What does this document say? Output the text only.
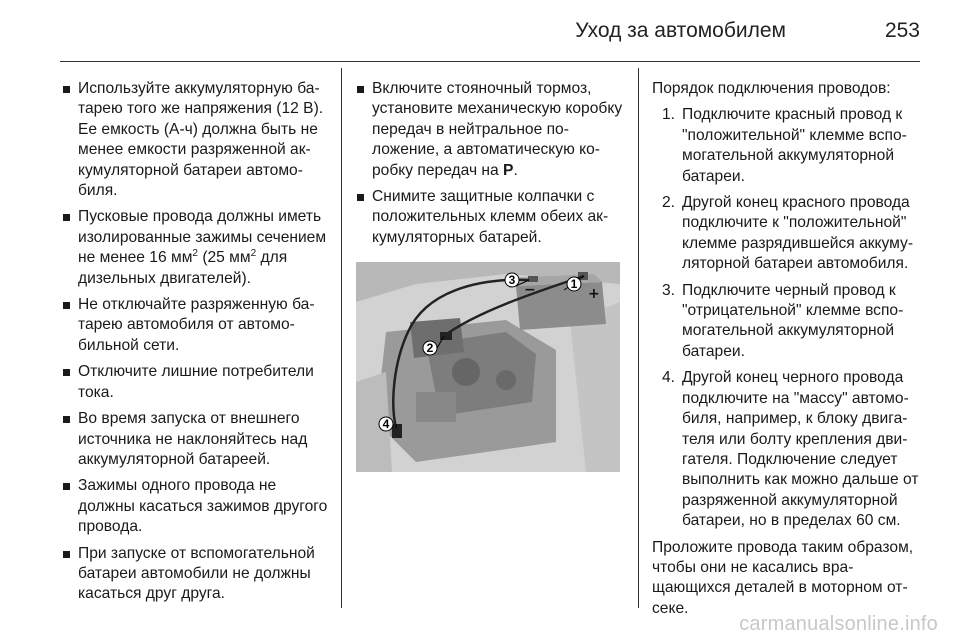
Уход за автомобилем	253
Используйте аккумуляторную батарею того же напряжения (12 В). Ее емкость (А-ч) должна быть не менее емкости разряженной аккумуляторной батареи автомобиля.
Пусковые провода должны иметь изолированные зажимы сечением не менее 16 $мм^2$ (25 $мм^2$ для дизельных двигателей).
Не отключайте разряженную батарею автомобиля от автомобильной сети.
Отключите лишние потребители тока.
Во время запуска от внешнего источника не наклоняйтесь над аккумуляторной батареей.
Зажимы одного провода не должны касаться зажимов другого провода.
При запуске от вспомогательной батареи автомобили не должны касаться друг друга.
Включите стояночный тормоз, установите механическую коробку передач в нейтральное положение, а автоматическую коробку передач на P.
Снимите защитные колпачки с положительных клемм обеих аккумуляторных батарей.
3	1
2
4
+
−

Порядок подключения проводов:

1. Подключите красный провод к "положительной" клемме вспомогательной аккумуляторной батареи.
2. Другой конец красного провода подключите к "положительной" клемме разрядившейся аккумуляторной батареи автомобиля.
3. Подключите черный провод к "отрицательной" клемме вспомогательной аккумуляторной батареи.
4. Другой конец черного провода подключите на "массу" автомобиля, например, к блоку двигателя или болту крепления двигателя. Подключение следует выполнить как можно дальше от разряженной аккумуляторной батареи, но в пределах 60 см.

Проложите провода таким образом, чтобы они не касались вращающихся деталей в моторном отсеке.

carmanualsonline.info
